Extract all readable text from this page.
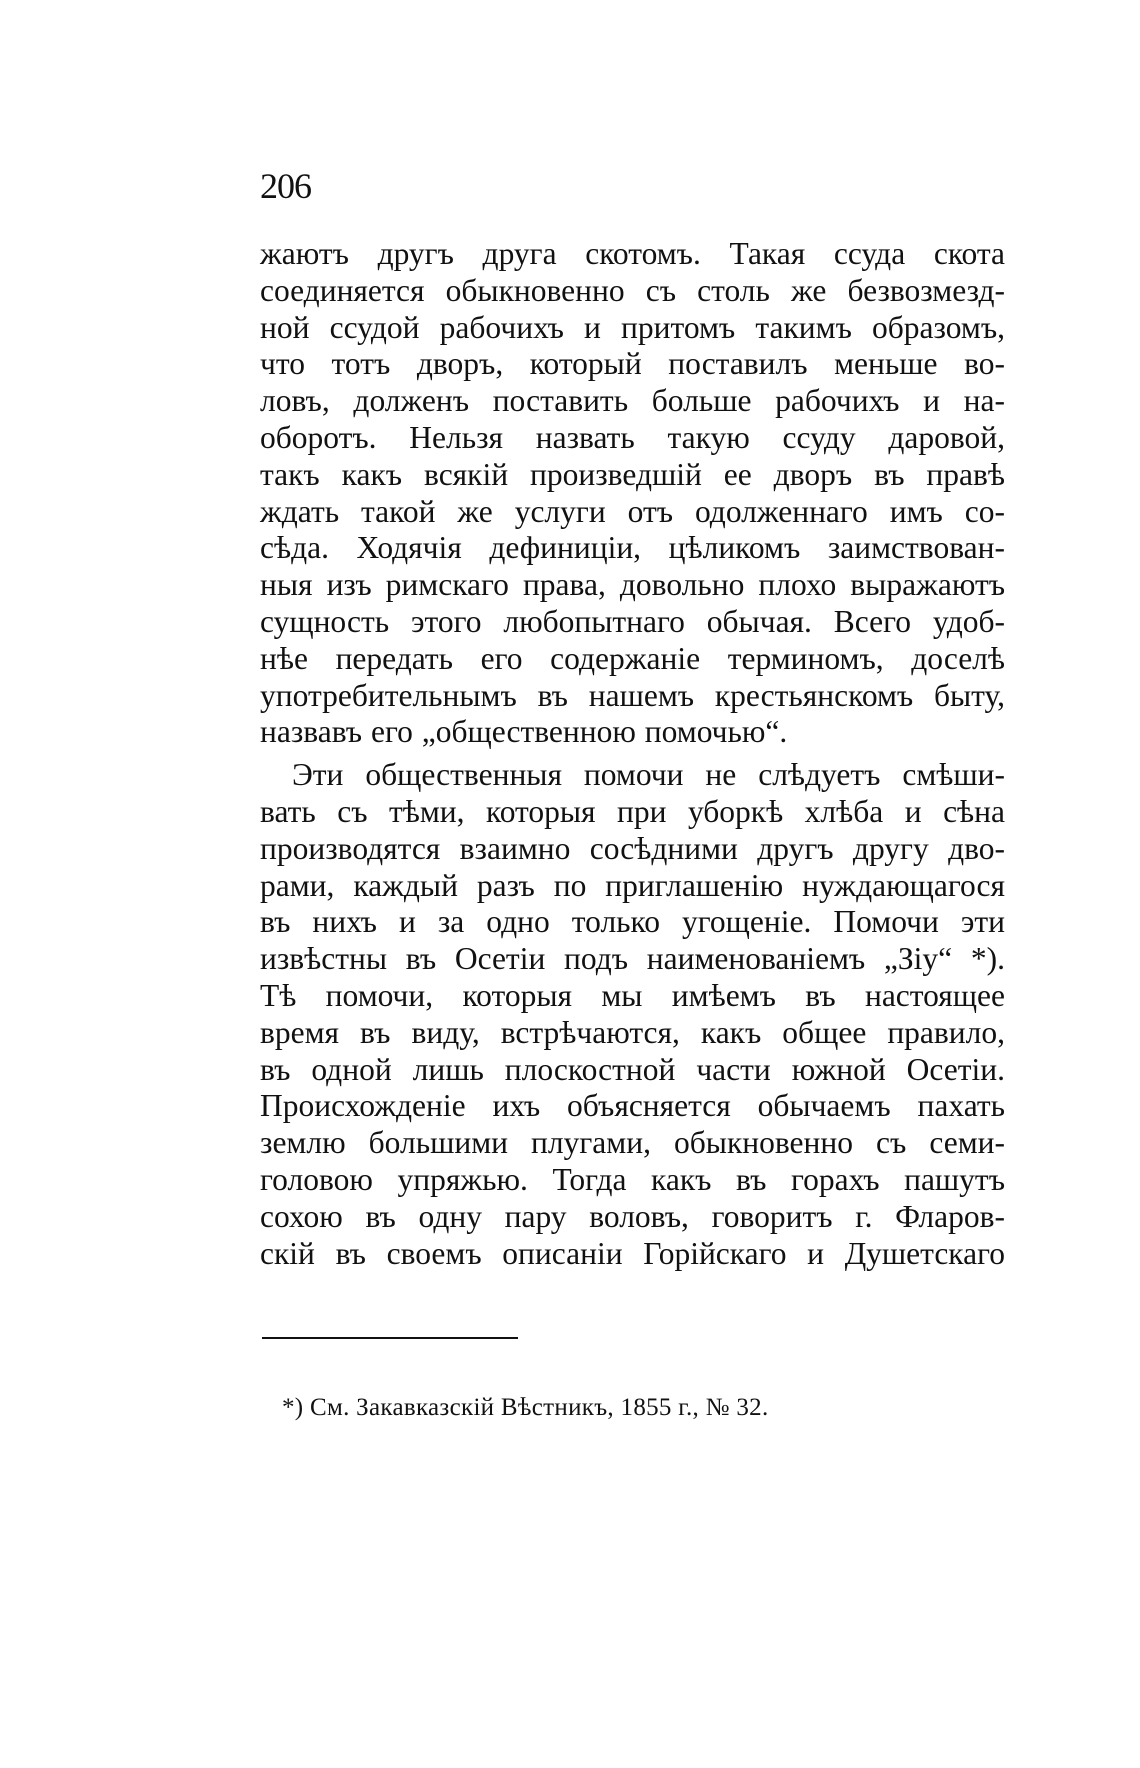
206
жаютъ другъ друга скотомъ. Такая ссуда скота
соединяется обыкновенно съ столь же безвозмезд-
ной ссудой рабочихъ и притомъ такимъ образомъ,
что тотъ дворъ, который поставилъ меньше во-
ловъ, долженъ поставить больше рабочихъ и на-
оборотъ. Нельзя назвать такую ссуду даровой,
такъ какъ всякій произведшій ее дворъ въ правѣ
ждать такой же услуги отъ одолженнаго имъ со-
сѣда. Ходячія дефиниціи, цѣликомъ заимствован-
ныя изъ римскаго права, довольно плохо выражаютъ
сущность этого любопытнаго обычая. Всего удоб-
нѣе передать его содержаніе терминомъ, доселѣ
употребительнымъ въ нашемъ крестьянскомъ быту,
назвавъ его „общественною помочью“.
Эти общественныя помочи не слѣдуетъ смѣши-
вать съ тѣми, которыя при уборкѣ хлѣба и сѣна
производятся взаимно сосѣдними другъ другу дво-
рами, каждый разъ по приглашенію нуждающагося
въ нихъ и за одно только угощеніе. Помочи эти
извѣстны въ Осетіи подъ наименованіемъ „Зіу“ *).
Тѣ помочи, которыя мы имѣемъ въ настоящее
время въ виду, встрѣчаются, какъ общее правило,
въ одной лишь плоскостной части южной Осетіи.
Происхожденіе ихъ объясняется обычаемъ пахать
землю большими плугами, обыкновенно съ семи-
головою упряжью. Тогда какъ въ горахъ пашутъ
сохою въ одну пару воловъ, говоритъ г. Фларов-
скій въ своемъ описаніи Горійскаго и Душетскаго
*) См. Закавказскій Вѣстникъ, 1855 г., № 32.
